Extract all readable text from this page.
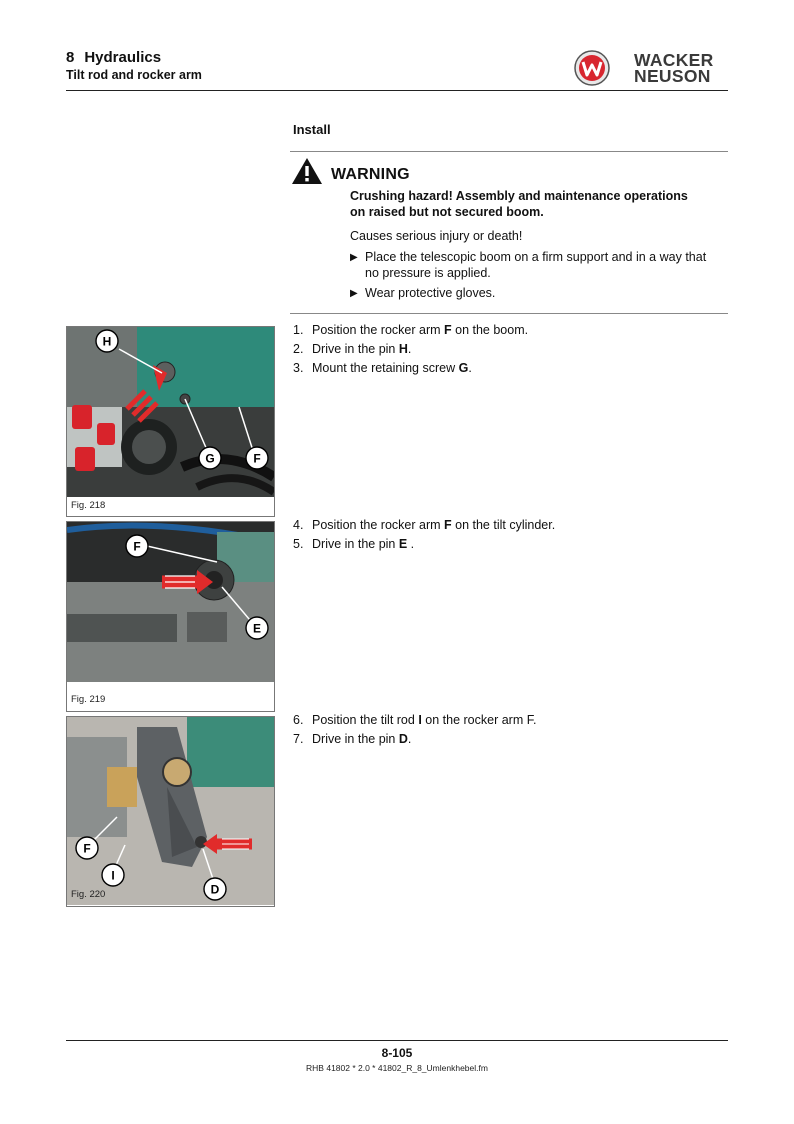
8 Hydraulics
Tilt rod and rocker arm
WACKER
NEUSON
Install
WARNING
Crushing hazard! Assembly and maintenance operations
on raised but not secured boom.
Causes serious injury or death!
▶ Place the telescopic boom on a firm support and in a way that
no pressure is applied.
▶ Wear protective gloves.
1. Position the rocker arm F on the boom.
2. Drive in the pin H.
3. Mount the retaining screw G.
4. Position the rocker arm F on the tilt cylinder.
5. Drive in the pin E .
6. Position the tilt rod I on the rocker arm F.
7. Drive in the pin D.
H
G	F
Fig. 218
F
E
Fig. 219
F
I
D
Fig. 220
8-105
RHB 41802 * 2.0 * 41802_R_8_Umlenkhebel.fm
